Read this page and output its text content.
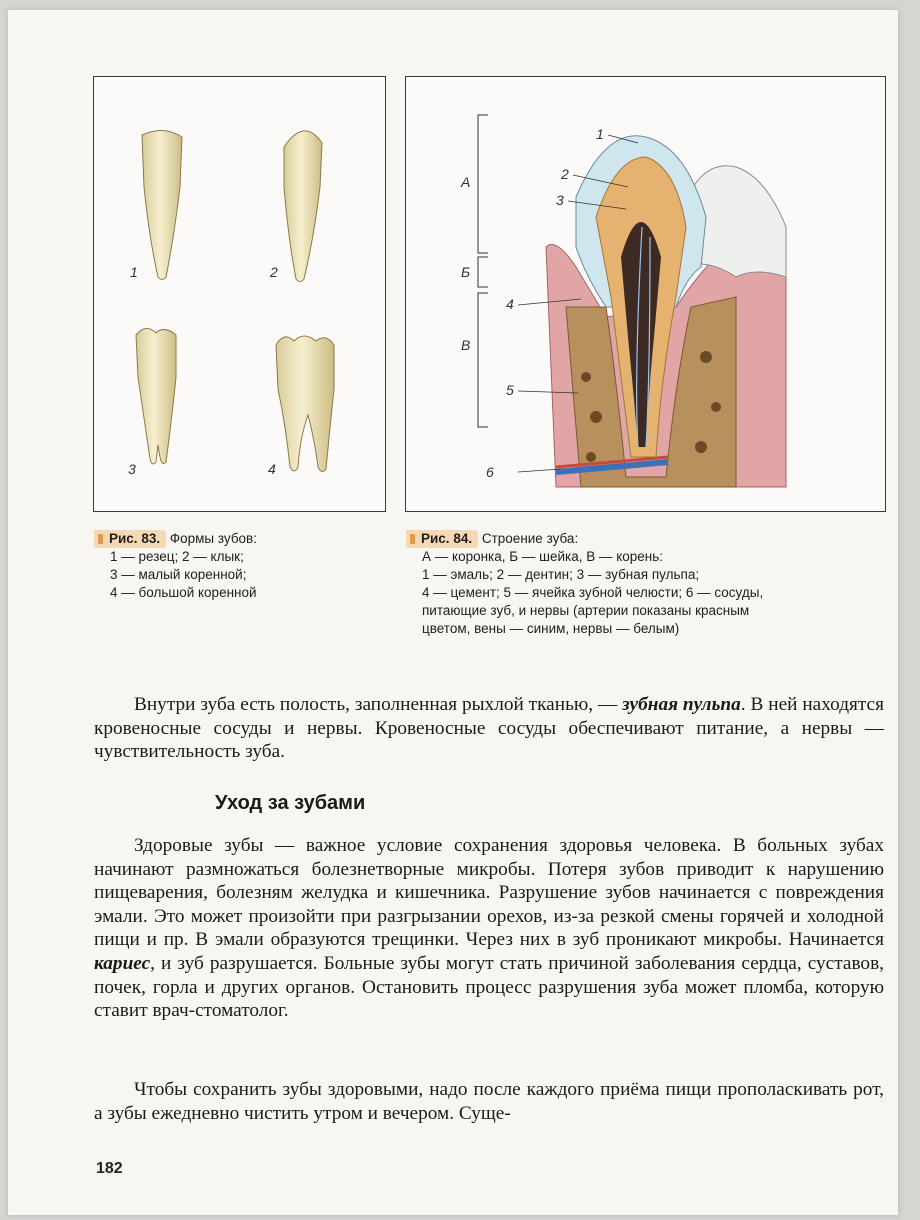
1	2
3	4
А
Б
В
1
2
3
4
5
6
Рис. 83. Формы зубов:
1 — резец; 2 — клык;
3 — малый коренной;
4 — большой коренной
Рис. 84. Строение зуба:
А — коронка, Б — шейка, В — корень:
1 — эмаль; 2 — дентин; 3 — зубная пульпа;
4 — цемент; 5 — ячейка зубной челюсти; 6 — сосуды,
питающие зуб, и нервы (артерии показаны красным
цветом, вены — синим, нервы — белым)
Внутри зуба есть полость, заполненная рыхлой тканью, — зубная пульпа. В ней находятся кровеносные сосуды и нервы. Кровеносные сосуды обеспечивают питание, а нервы — чувствительность зуба.
Уход за зубами
Здоровые зубы — важное условие сохранения здоровья человека. В больных зубах начинают размножаться болезнетворные микробы. Потеря зубов приводит к нарушению пищеварения, болезням желудка и кишечника. Разрушение зубов начинается с повреждения эмали. Это может произойти при разгрызании орехов, из-за резкой смены горячей и холодной пищи и пр. В эмали образуются трещинки. Через них в зуб проникают микробы. Начинается кариес, и зуб разрушается. Больные зубы могут стать причиной заболевания сердца, суставов, почек, горла и других органов. Остановить процесс разрушения зуба может пломба, которую ставит врач-стоматолог.
Чтобы сохранить зубы здоровыми, надо после каждого приёма пищи прополаскивать рот, а зубы ежедневно чистить утром и вечером. Суще-
182
